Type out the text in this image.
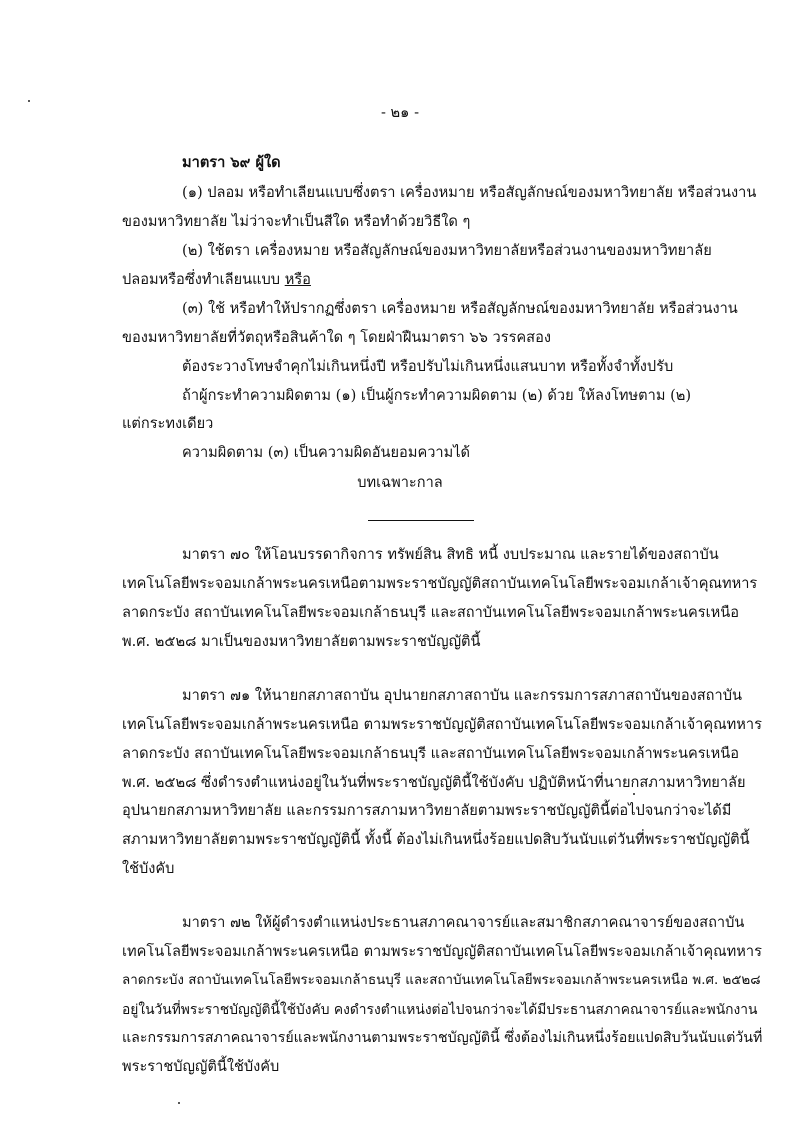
- ๒๑ -
มาตรา ๖๙ ผู้ใด
(๑) ปลอม หรือทำเลียนแบบซึ่งตรา เครื่องหมาย หรือสัญลักษณ์ของมหาวิทยาลัย หรือส่วนงาน
ของมหาวิทยาลัย ไม่ว่าจะทำเป็นสีใด หรือทำด้วยวิธีใด ๆ
(๒) ใช้ตรา เครื่องหมาย หรือสัญลักษณ์ของมหาวิทยาลัยหรือส่วนงานของมหาวิทยาลัย
ปลอมหรือซึ่งทำเลียนแบบ หรือ
(๓) ใช้ หรือทำให้ปรากฏซึ่งตรา เครื่องหมาย หรือสัญลักษณ์ของมหาวิทยาลัย หรือส่วนงาน
ของมหาวิทยาลัยที่วัตถุหรือสินค้าใด ๆ โดยฝ่าฝืนมาตรา ๖๖ วรรคสอง
ต้องระวางโทษจำคุกไม่เกินหนึ่งปี หรือปรับไม่เกินหนึ่งแสนบาท หรือทั้งจำทั้งปรับ
ถ้าผู้กระทำความผิดตาม (๑) เป็นผู้กระทำความผิดตาม (๒) ด้วย ให้ลงโทษตาม (๒)
แต่กระทงเดียว
ความผิดตาม (๓) เป็นความผิดอันยอมความได้
บทเฉพาะกาล
มาตรา ๗๐ ให้โอนบรรดากิจการ ทรัพย์สิน สิทธิ หนี้ งบประมาณ และรายได้ของสถาบัน
เทคโนโลยีพระจอมเกล้าพระนครเหนือตามพระราชบัญญัติสถาบันเทคโนโลยีพระจอมเกล้าเจ้าคุณทหาร
ลาดกระบัง สถาบันเทคโนโลยีพระจอมเกล้าธนบุรี และสถาบันเทคโนโลยีพระจอมเกล้าพระนครเหนือ
พ.ศ. ๒๕๒๘ มาเป็นของมหาวิทยาลัยตามพระราชบัญญัตินี้
มาตรา ๗๑ ให้นายกสภาสถาบัน อุปนายกสภาสถาบัน และกรรมการสภาสถาบันของสถาบัน
เทคโนโลยีพระจอมเกล้าพระนครเหนือ ตามพระราชบัญญัติสถาบันเทคโนโลยีพระจอมเกล้าเจ้าคุณทหาร
ลาดกระบัง สถาบันเทคโนโลยีพระจอมเกล้าธนบุรี และสถาบันเทคโนโลยีพระจอมเกล้าพระนครเหนือ
พ.ศ. ๒๕๒๘ ซึ่งดำรงตำแหน่งอยู่ในวันที่พระราชบัญญัตินี้ใช้บังคับ ปฏิบัติหน้าที่นายกสภามหาวิทยาลัย
อุปนายกสภามหาวิทยาลัย และกรรมการสภามหาวิทยาลัยตามพระราชบัญญัตินี้ต่อไปจนกว่าจะได้มี
สภามหาวิทยาลัยตามพระราชบัญญัตินี้ ทั้งนี้ ต้องไม่เกินหนึ่งร้อยแปดสิบวันนับแต่วันที่พระราชบัญญัตินี้
ใช้บังคับ
มาตรา ๗๒ ให้ผู้ดำรงตำแหน่งประธานสภาคณาจารย์และสมาชิกสภาคณาจารย์ของสถาบัน
เทคโนโลยีพระจอมเกล้าพระนครเหนือ ตามพระราชบัญญัติสถาบันเทคโนโลยีพระจอมเกล้าเจ้าคุณทหาร
ลาดกระบัง สถาบันเทคโนโลยีพระจอมเกล้าธนบุรี และสถาบันเทคโนโลยีพระจอมเกล้าพระนครเหนือ พ.ศ. ๒๕๒๘
อยู่ในวันที่พระราชบัญญัตินี้ใช้บังคับ คงดำรงตำแหน่งต่อไปจนกว่าจะได้มีประธานสภาคณาจารย์และพนักงาน
และกรรมการสภาคณาจารย์และพนักงานตามพระราชบัญญัตินี้ ซึ่งต้องไม่เกินหนึ่งร้อยแปดสิบวันนับแต่วันที่
พระราชบัญญัตินี้ใช้บังคับ
